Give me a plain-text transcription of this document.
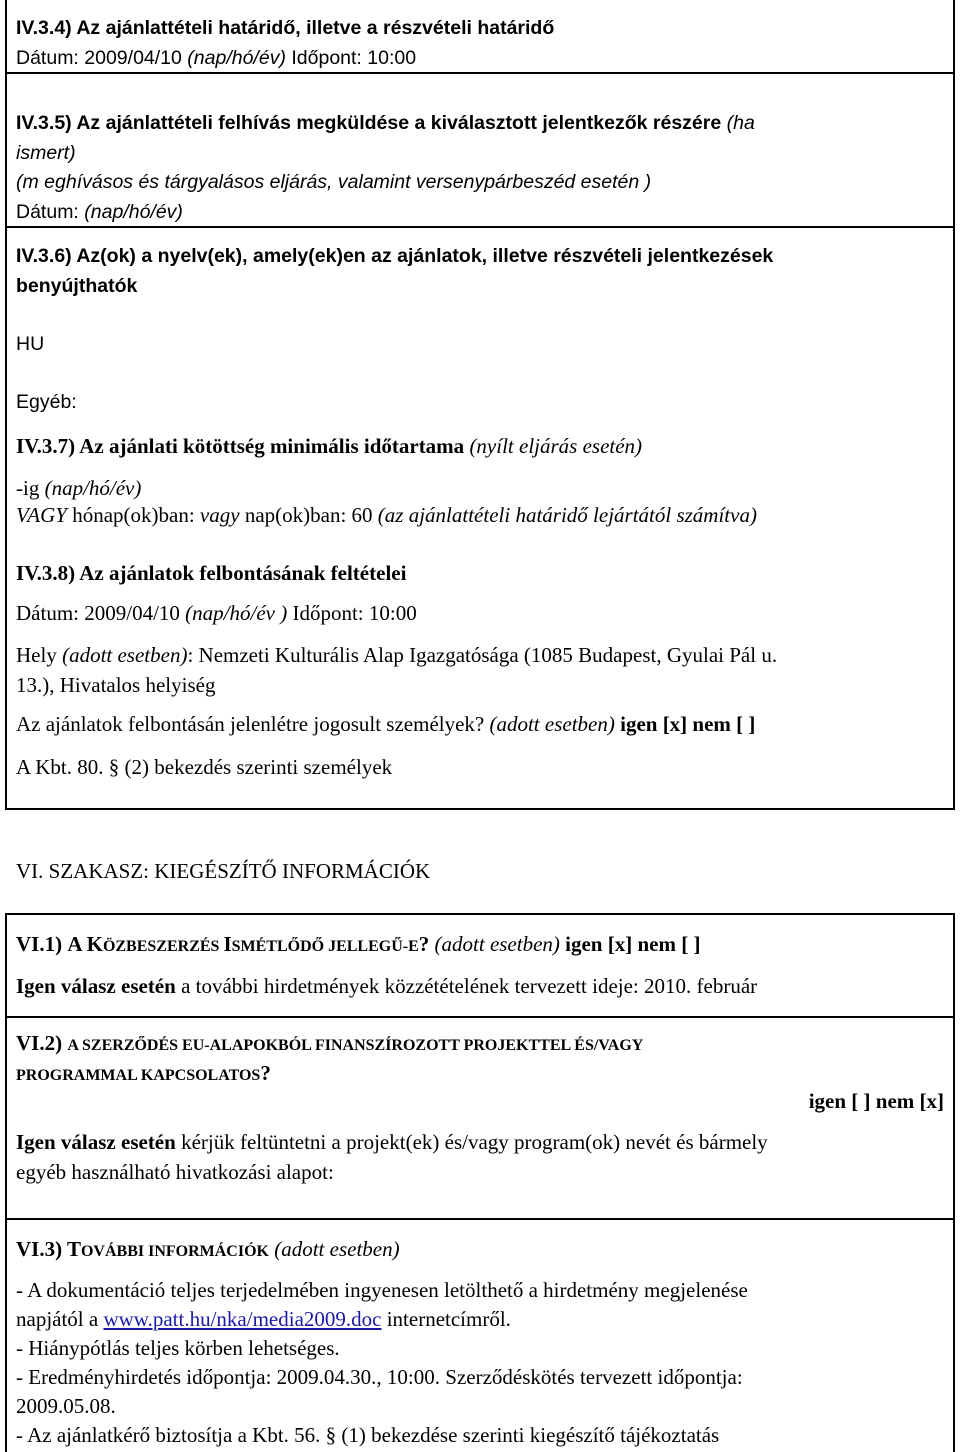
IV.3.4) Az ajánlattételi határidő, illetve a részvételi határidő
Dátum: 2009/04/10 (nap/hó/év) Időpont: 10:00
IV.3.5) Az ajánlattételi felhívás megküldése a kiválasztott jelentkezők részére (ha
ismert)
(m eghívásos és tárgyalásos eljárás, valamint versenypárbeszéd esetén )
Dátum: (nap/hó/év)
IV.3.6) Az(ok) a nyelv(ek), amely(ek)en az ajánlatok, illetve részvételi jelentkezések
benyújthatók
HU
Egyéb:
IV.3.7) Az ajánlati kötöttség minimális időtartama (nyílt eljárás esetén)
-ig (nap/hó/év)
VAGY hónap(ok)ban: vagy nap(ok)ban: 60 (az ajánlattételi határidő lejártától számítva)
IV.3.8) Az ajánlatok felbontásának feltételei
Dátum: 2009/04/10 (nap/hó/év ) Időpont: 10:00
Hely (adott esetben): Nemzeti Kulturális Alap Igazgatósága (1085 Budapest, Gyulai Pál u.
13.), Hivatalos helyiség
Az ajánlatok felbontásán jelenlétre jogosult személyek? (adott esetben) igen [x] nem [ ]
A Kbt. 80. § (2) bekezdés szerinti személyek
VI. SZAKASZ: KIEGÉSZÍTŐ INFORMÁCIÓK
VI.1) A KÖZBESZERZÉS ISMÉTLŐDŐ JELLEGŰ-E? (adott esetben) igen [x] nem [ ]
Igen válasz esetén a további hirdetmények közzétételének tervezett ideje: 2010. február
VI.2) A SZERZŐDÉS EU-ALAPOKBÓL FINANSZÍROZOTT PROJEKTTEL ÉS/VAGY
PROGRAMMAL KAPCSOLATOS?
igen [ ] nem [x]
Igen válasz esetén kérjük feltüntetni a projekt(ek) és/vagy program(ok) nevét és bármely
egyéb használható hivatkozási alapot:
VI.3) TOVÁBBI INFORMÁCIÓK (adott esetben)
- A dokumentáció teljes terjedelmében ingyenesen letölthető a hirdetmény megjelenése
napjától a www.patt.hu/nka/media2009.doc internetcímről.
- Hiánypótlás teljes körben lehetséges.
- Eredményhirdetés időpontja: 2009.04.30., 10:00. Szerződéskötés tervezett időpontja:
2009.05.08.
- Az ajánlatkérő biztosítja a Kbt. 56. § (1) bekezdése szerinti kiegészítő tájékoztatás
